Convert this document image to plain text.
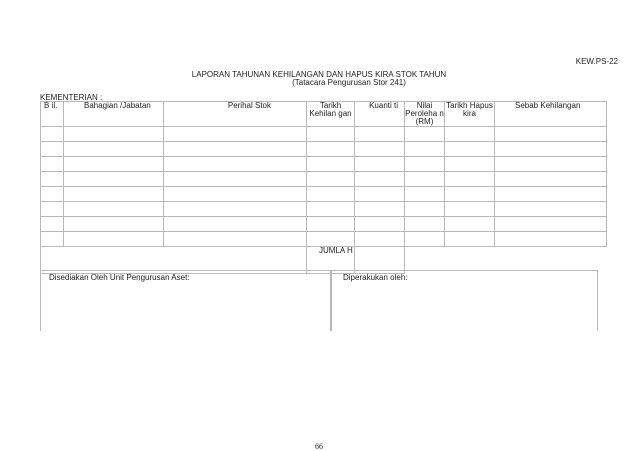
KEW.PS-22
LAPORAN TAHUNAN KEHILANGAN DAN HAPUS KIRA STOK TAHUN
(Tatacara Pengurusan Stor 241)
KEMENTERIAN :
B il.	Bahagian /Jabatan	Perihal Stok	Tarikh Kehilan gan	Kuanti ti	Nilai Peroleha n (RM)	Tarikh Hapus kira	Sebab Kehilangan

			JUMLA H				
Disediakan Oleh Unit Pengurusan Aset:	Diperakukan oleh:
66
